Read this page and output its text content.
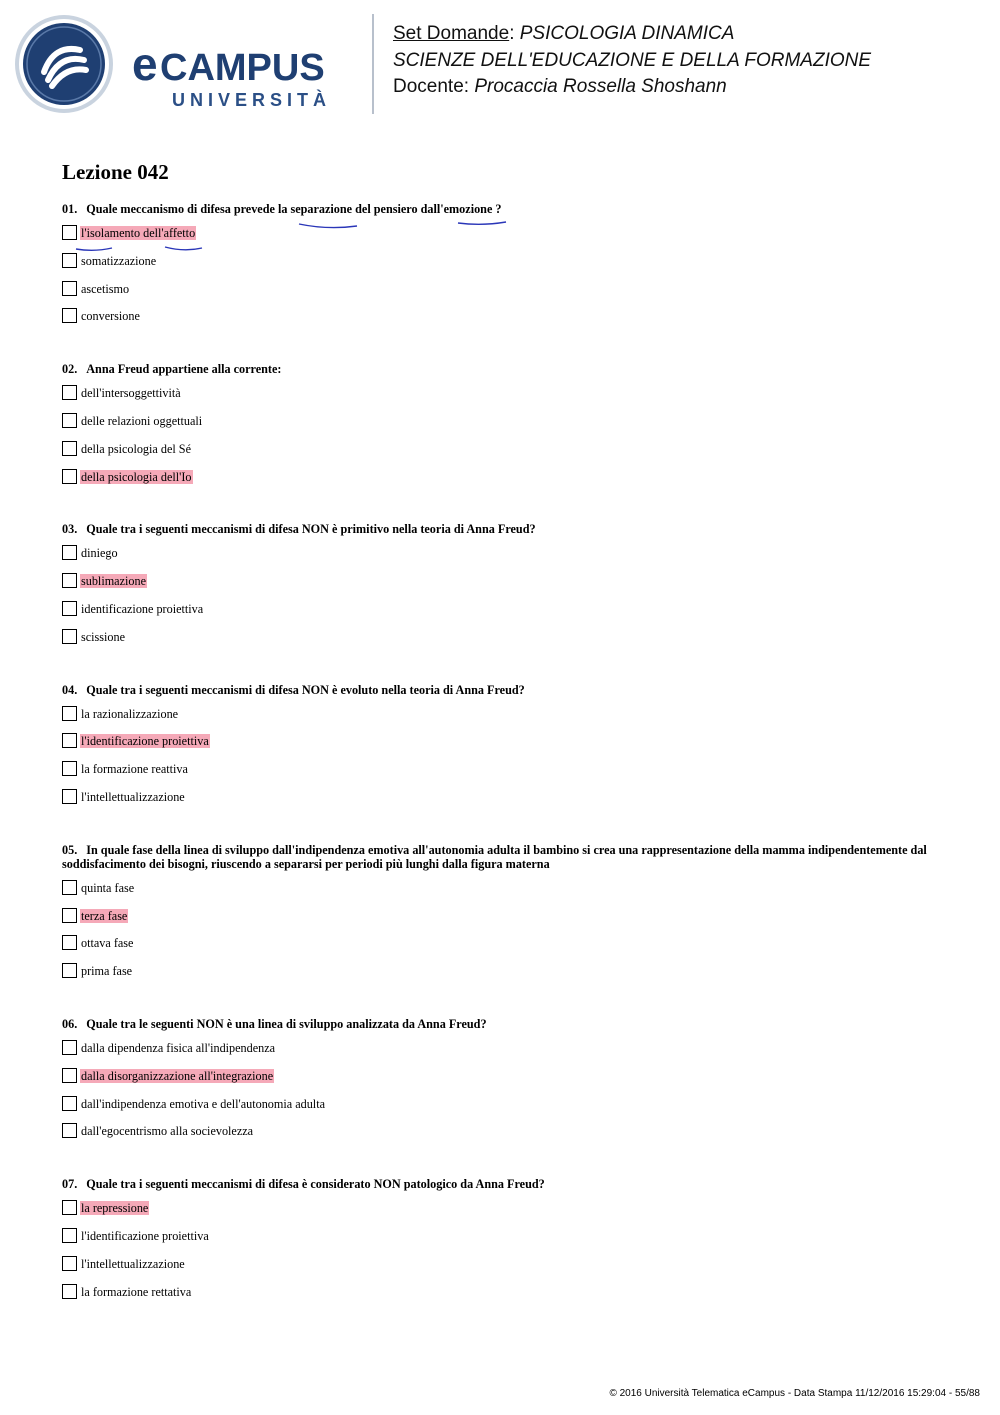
e CAMPUS
UNIVERSITÀ
Set Domande: PSICOLOGIA DINAMICA
SCIENZE DELL'EDUCAZIONE E DELLA FORMAZIONE
Docente: Procaccia Rossella Shoshann
Lezione 042
01. Quale meccanismo di difesa prevede la separazione del pensiero dall'emozione ?
l'isolamento dell'affetto
somatizzazione
ascetismo
conversione
02. Anna Freud appartiene alla corrente:
dell'intersoggettività
delle relazioni oggettuali
della psicologia del Sé
della psicologia dell'Io
03. Quale tra i seguenti meccanismi di difesa NON è primitivo nella teoria di Anna Freud?
diniego
sublimazione
identificazione proiettiva
scissione
04. Quale tra i seguenti meccanismi di difesa NON è evoluto nella teoria di Anna Freud?
la razionalizzazione
l'identificazione proiettiva
la formazione reattiva
l'intellettualizzazione
05. In quale fase della linea di sviluppo dall'indipendenza emotiva all'autonomia adulta il bambino si crea una rappresentazione della mamma indipendentemente dal soddisfacimento dei bisogni, riuscendo a separarsi per periodi più lunghi dalla figura materna
quinta fase
terza fase
ottava fase
prima fase
06. Quale tra le seguenti NON è una linea di sviluppo analizzata da Anna Freud?
dalla dipendenza fisica all'indipendenza
dalla disorganizzazione all'integrazione
dall'indipendenza emotiva e dell'autonomia adulta
dall'egocentrismo alla socievolezza
07. Quale tra i seguenti meccanismi di difesa è considerato NON patologico da Anna Freud?
la repressione
l'identificazione proiettiva
l'intellettualizzazione
la formazione rettativa
© 2016 Università Telematica eCampus - Data Stampa 11/12/2016 15:29:04 - 55/88
